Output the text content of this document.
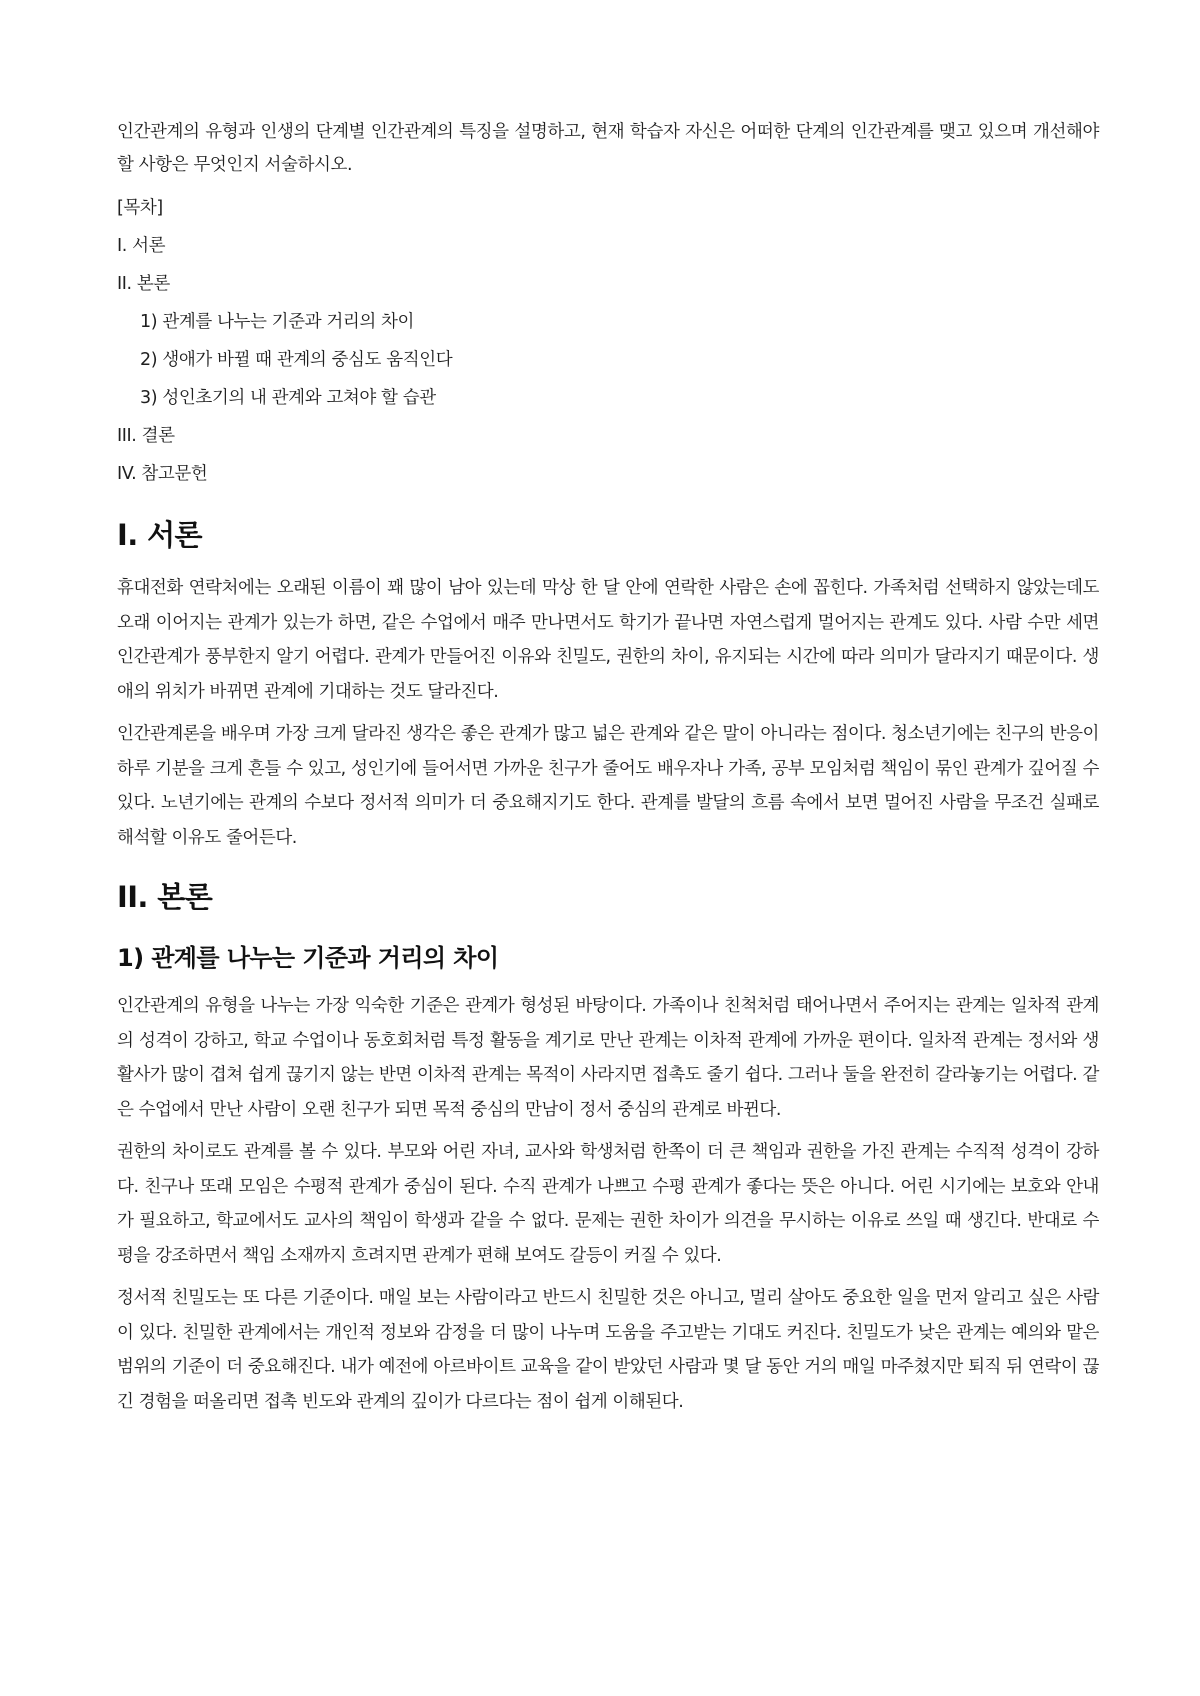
인간관계의 유형과 인생의 단계별 인간관계의 특징을 설명하고, 현재 학습자 자신은 어떠한 단계의 인간관계를 맺고 있으며 개선해야 할 사항은 무엇인지 서술하시오.

[목차]
I. 서론
II. 본론
1) 관계를 나누는 기준과 거리의 차이
2) 생애가 바뀔 때 관계의 중심도 움직인다
3) 성인초기의 내 관계와 고쳐야 할 습관
III. 결론
IV. 참고문헌
I. 서론

휴대전화 연락처에는 오래된 이름이 꽤 많이 남아 있는데 막상 한 달 안에 연락한 사람은 손에 꼽힌다. 가족처럼 선택하지 않았는데도 오래 이어지는 관계가 있는가 하면, 같은 수업에서 매주 만나면서도 학기가 끝나면 자연스럽게 멀어지는 관계도 있다. 사람 수만 세면 인간관계가 풍부한지 알기 어렵다. 관계가 만들어진 이유와 친밀도, 권한의 차이, 유지되는 시간에 따라 의미가 달라지기 때문이다. 생애의 위치가 바뀌면 관계에 기대하는 것도 달라진다.

인간관계론을 배우며 가장 크게 달라진 생각은 좋은 관계가 많고 넓은 관계와 같은 말이 아니라는 점이다. 청소년기에는 친구의 반응이 하루 기분을 크게 흔들 수 있고, 성인기에 들어서면 가까운 친구가 줄어도 배우자나 가족, 공부 모임처럼 책임이 묶인 관계가 깊어질 수 있다. 노년기에는 관계의 수보다 정서적 의미가 더 중요해지기도 한다. 관계를 발달의 흐름 속에서 보면 멀어진 사람을 무조건 실패로 해석할 이유도 줄어든다.

II. 본론
1) 관계를 나누는 기준과 거리의 차이

인간관계의 유형을 나누는 가장 익숙한 기준은 관계가 형성된 바탕이다. 가족이나 친척처럼 태어나면서 주어지는 관계는 일차적 관계의 성격이 강하고, 학교 수업이나 동호회처럼 특정 활동을 계기로 만난 관계는 이차적 관계에 가까운 편이다. 일차적 관계는 정서와 생활사가 많이 겹쳐 쉽게 끊기지 않는 반면 이차적 관계는 목적이 사라지면 접촉도 줄기 쉽다. 그러나 둘을 완전히 갈라놓기는 어렵다. 같은 수업에서 만난 사람이 오랜 친구가 되면 목적 중심의 만남이 정서 중심의 관계로 바뀐다.

권한의 차이로도 관계를 볼 수 있다. 부모와 어린 자녀, 교사와 학생처럼 한쪽이 더 큰 책임과 권한을 가진 관계는 수직적 성격이 강하다. 친구나 또래 모임은 수평적 관계가 중심이 된다. 수직 관계가 나쁘고 수평 관계가 좋다는 뜻은 아니다. 어린 시기에는 보호와 안내가 필요하고, 학교에서도 교사의 책임이 학생과 같을 수 없다. 문제는 권한 차이가 의견을 무시하는 이유로 쓰일 때 생긴다. 반대로 수평을 강조하면서 책임 소재까지 흐려지면 관계가 편해 보여도 갈등이 커질 수 있다.

정서적 친밀도는 또 다른 기준이다. 매일 보는 사람이라고 반드시 친밀한 것은 아니고, 멀리 살아도 중요한 일을 먼저 알리고 싶은 사람이 있다. 친밀한 관계에서는 개인적 정보와 감정을 더 많이 나누며 도움을 주고받는 기대도 커진다. 친밀도가 낮은 관계는 예의와 맡은 범위의 기준이 더 중요해진다. 내가 예전에 아르바이트 교육을 같이 받았던 사람과 몇 달 동안 거의 매일 마주쳤지만 퇴직 뒤 연락이 끊긴 경험을 떠올리면 접촉 빈도와 관계의 깊이가 다르다는 점이 쉽게 이해된다.
